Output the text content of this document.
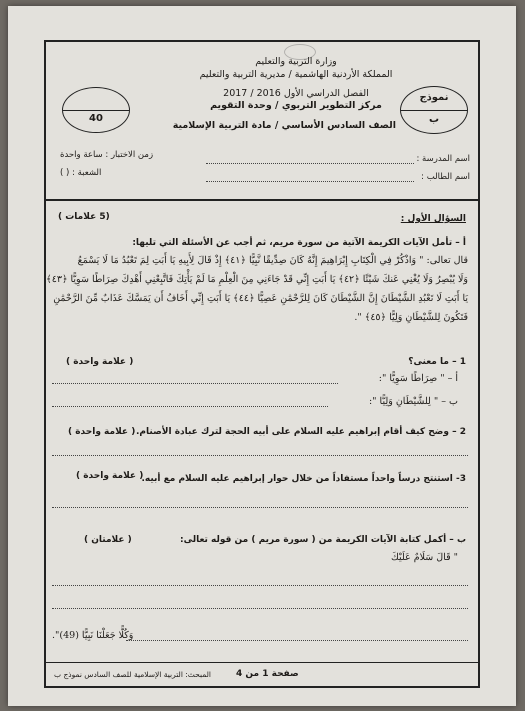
وزارة التربية والتعليم
المملكة الأردنية الهاشمية / مديرية التربية والتعليم
الفصل الدراسي الأول 2016 / 2017
مركز التطوير التربوي / وحدة التقويم
الصف السادس الأساسي / مادة التربية الإسلامية
40
نموذج
ب
اسم المدرسة :
زمن الاختبار : ساعة واحدة
اسم الطالب :
الشعبة : ( )
السؤال الأول :
(5 علامات )
أ – تأمل الآيات الكريمة الآتية من سورة مريم، ثم أجب عن الأسئلة التي تليها:
قال تعالى: " وَاذْكُرْ فِي الْكِتَابِ إِبْرَاهِيمَ إِنَّهُ كَانَ صِدِّيقًا نَّبِيًّا ﴿٤١﴾ إِذْ قَالَ لِأَبِيهِ يَا أَبَتِ لِمَ تَعْبُدُ مَا لَا يَسْمَعُ
وَلَا يُبْصِرُ وَلَا يُغْنِي عَنكَ شَيْئًا ﴿٤٢﴾ يَا أَبَتِ إِنِّي قَدْ جَاءَنِي مِنَ الْعِلْمِ مَا لَمْ يَأْتِكَ فَاتَّبِعْنِي أَهْدِكَ صِرَاطًا سَوِيًّا ﴿٤٣﴾
يَا أَبَتِ لَا تَعْبُدِ الشَّيْطَانَ إِنَّ الشَّيْطَانَ كَانَ لِلرَّحْمَٰنِ عَصِيًّا ﴿٤٤﴾ يَا أَبَتِ إِنِّي أَخَافُ أَن يَمَسَّكَ عَذَابٌ مِّنَ الرَّحْمَٰنِ
فَتَكُونَ لِلشَّيْطَانِ وَلِيًّا ﴿٤٥﴾ ".
1 – ما معنى؟
( علامة واحدة )
أ – " صِرَاطًا سَوِيًّا ":
ب – " لِلشَّيْطَانِ وَلِيًّا ":
2 – وضح كيف أقام إبراهيم عليه السلام على أبيه الحجة لترك عبادة الأصنام.
( علامة واحدة )
3- استنتج درساً واحداً مستفاداً من خلال حوار إبراهيم عليه السلام مع أبيه.
( علامة واحدة )
ب – أكمل كتابة الآيات الكريمة من ( سورة مريم ) من قوله تعالى:
( علامتان )
" قَالَ سَلَامٌ عَلَيْكَ
وَكُلًّا جَعَلْنَا نَبِيًّا (49)".
المبحث: التربية الإسلامية للصف السادس نموذج ب	صفحة 1 من 4
